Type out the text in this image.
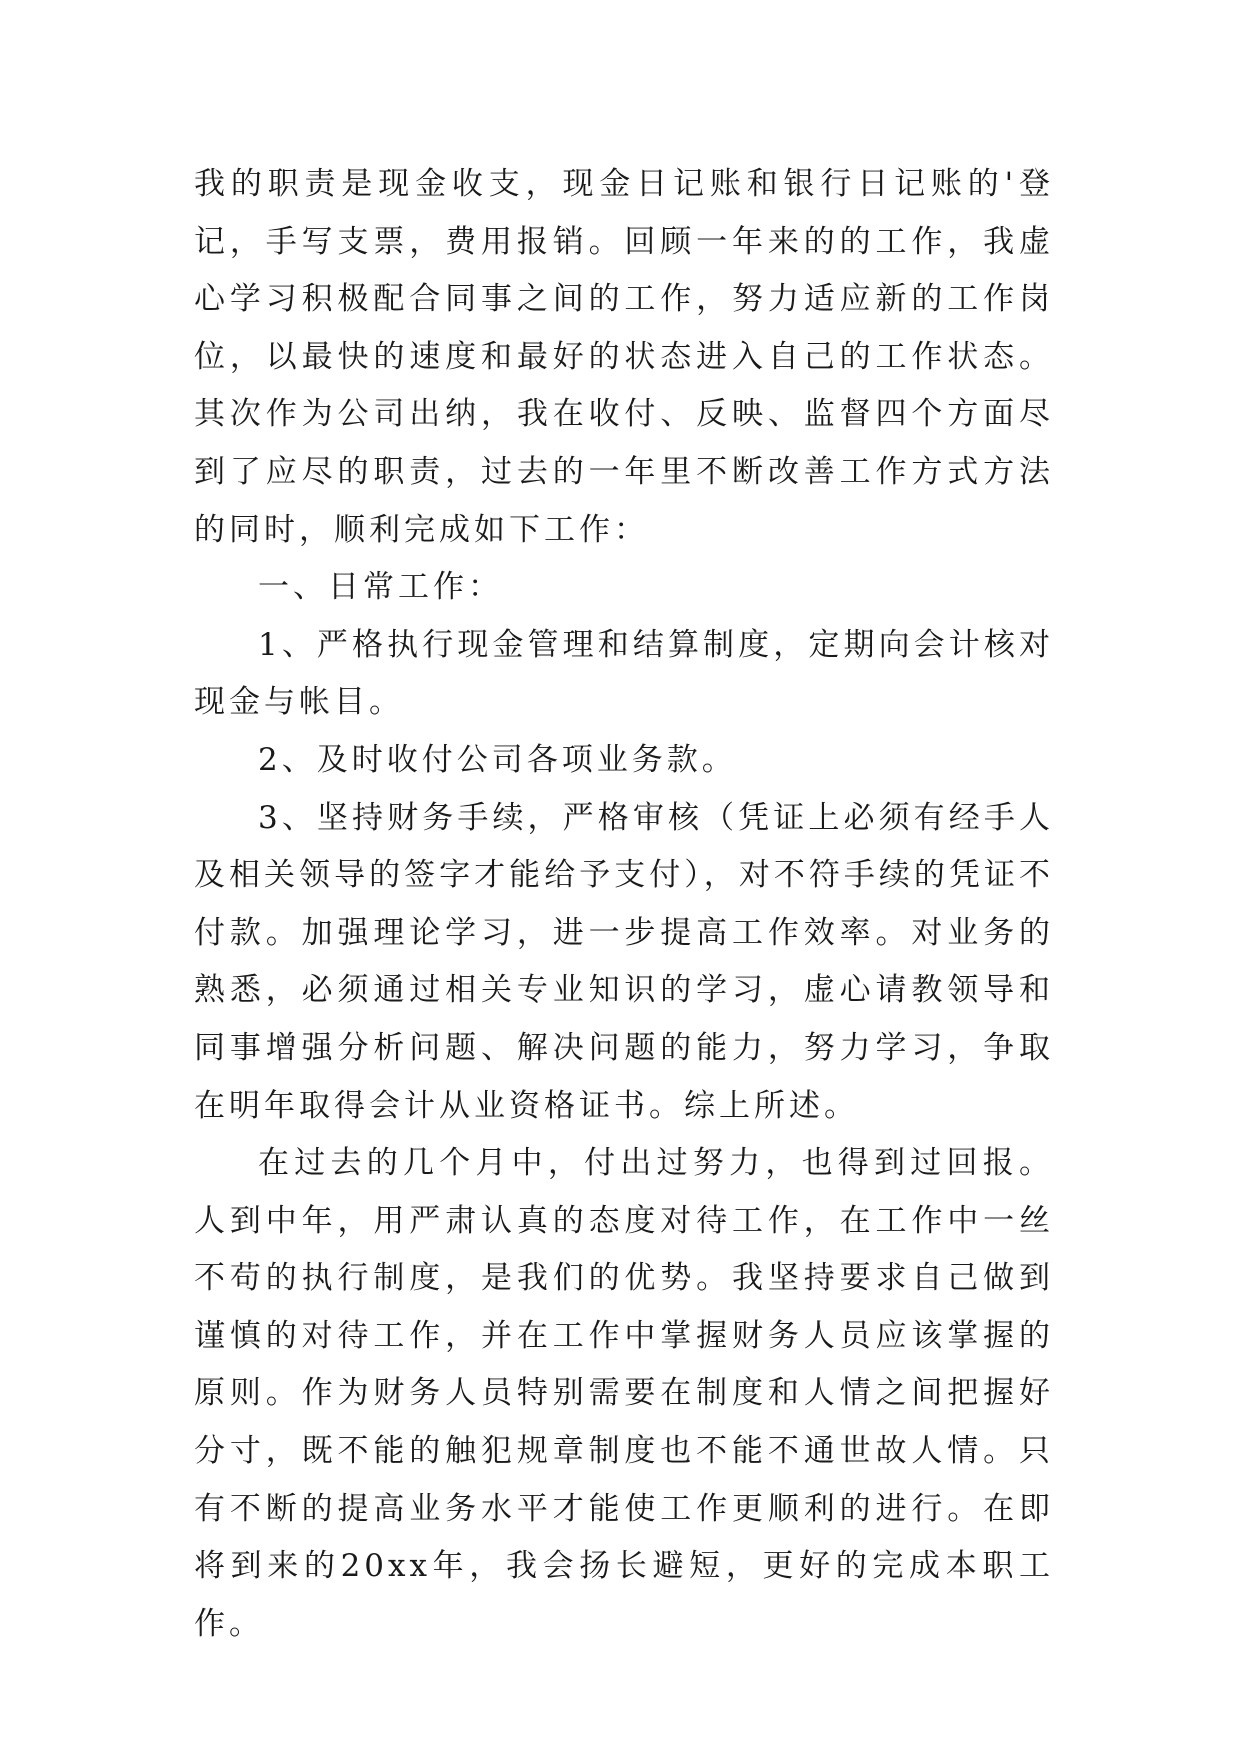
我的职责是现金收支，现金日记账和银行日记账的'登记，手写支票，费用报销。回顾一年来的的工作，我虚心学习积极配合同事之间的工作，努力适应新的工作岗位，以最快的速度和最好的状态进入自己的工作状态。其次作为公司出纳，我在收付、反映、监督四个方面尽到了应尽的职责，过去的一年里不断改善工作方式方法的同时，顺利完成如下工作：

一、日常工作：

1、严格执行现金管理和结算制度，定期向会计核对现金与帐目。

2、及时收付公司各项业务款。

3、坚持财务手续，严格审核（凭证上必须有经手人及相关领导的签字才能给予支付），对不符手续的凭证不付款。加强理论学习，进一步提高工作效率。对业务的熟悉，必须通过相关专业知识的学习，虚心请教领导和同事增强分析问题、解决问题的能力，努力学习，争取在明年取得会计从业资格证书。综上所述。

在过去的几个月中，付出过努力，也得到过回报。人到中年，用严肃认真的态度对待工作，在工作中一丝不苟的执行制度，是我们的优势。我坚持要求自己做到谨慎的对待工作，并在工作中掌握财务人员应该掌握的原则。作为财务人员特别需要在制度和人情之间把握好分寸，既不能的触犯规章制度也不能不通世故人情。只有不断的提高业务水平才能使工作更顺利的进行。在即将到来的20xx年，我会扬长避短，更好的完成本职工作。
